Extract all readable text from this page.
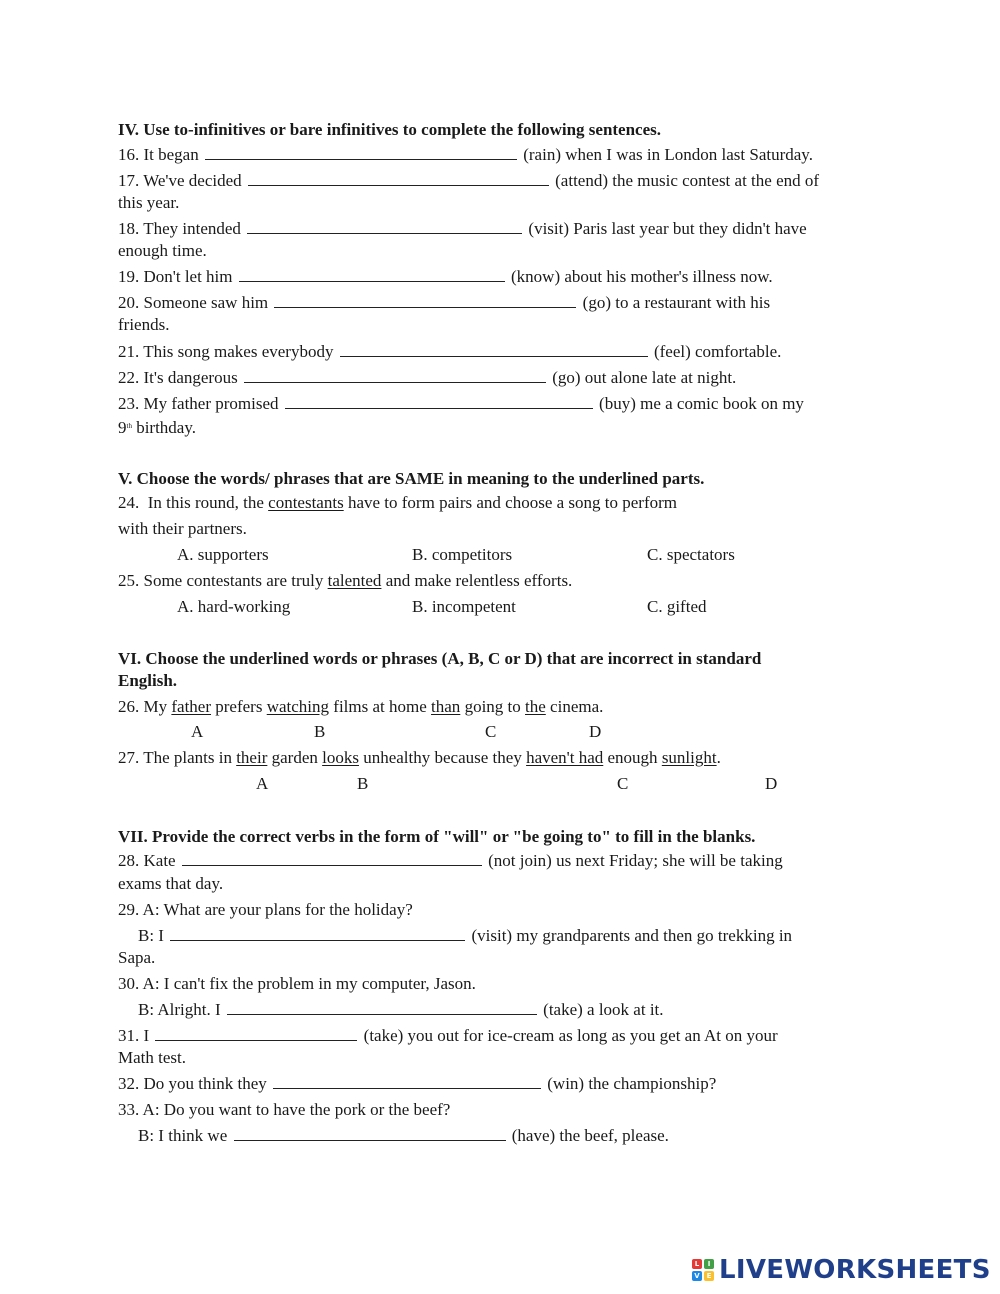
IV. Use to-infinitives or bare infinitives to complete the following sentences.
16. It began	(rain) when I was in London last Saturday.
17. We've decided	(attend) the music contest at the end of
this year.
18. They intended	(visit) Paris last year but they didn't have
enough time.
19. Don't let him	(know) about his mother's illness now.
20. Someone saw him	(go) to a restaurant with his
friends.
21. This song makes everybody	(feel) comfortable.
22. It's dangerous	(go) out alone late at night.
23. My father promised	(buy) me a comic book on my
9th birthday.
V. Choose the words/ phrases that are SAME in meaning to the underlined parts.
24.  In this round, the contestants have to form pairs and choose a song to perform
with their partners.
A. supporters	B. competitors	C. spectators
25. Some contestants are truly talented and make relentless efforts.
A. hard-working	B. incompetent	C. gifted
VI. Choose the underlined words or phrases (A, B, C or D) that are incorrect in standard
English.
26. My father prefers watching films at home than going to the cinema.
A	B	C	D
27. The plants in their garden looks unhealthy because they haven't had enough sunlight.
A	B	C	D
VII. Provide the correct verbs in the form of "will" or "be going to" to fill in the blanks.
28. Kate	(not join) us next Friday; she will be taking
exams that day.
29. A: What are your plans for the holiday?
B: I	(visit) my grandparents and then go trekking in
Sapa.
30. A: I can't fix the problem in my computer, Jason.
B: Alright. I	(take) a look at it.
31. I	(take) you out for ice-cream as long as you get an At on your
Math test.
32. Do you think they	(win) the championship?
33. A: Do you want to have the pork or the beef?
B: I think we	(have) the beef, please.
L	I
V E LIVEWORKSHEETS
